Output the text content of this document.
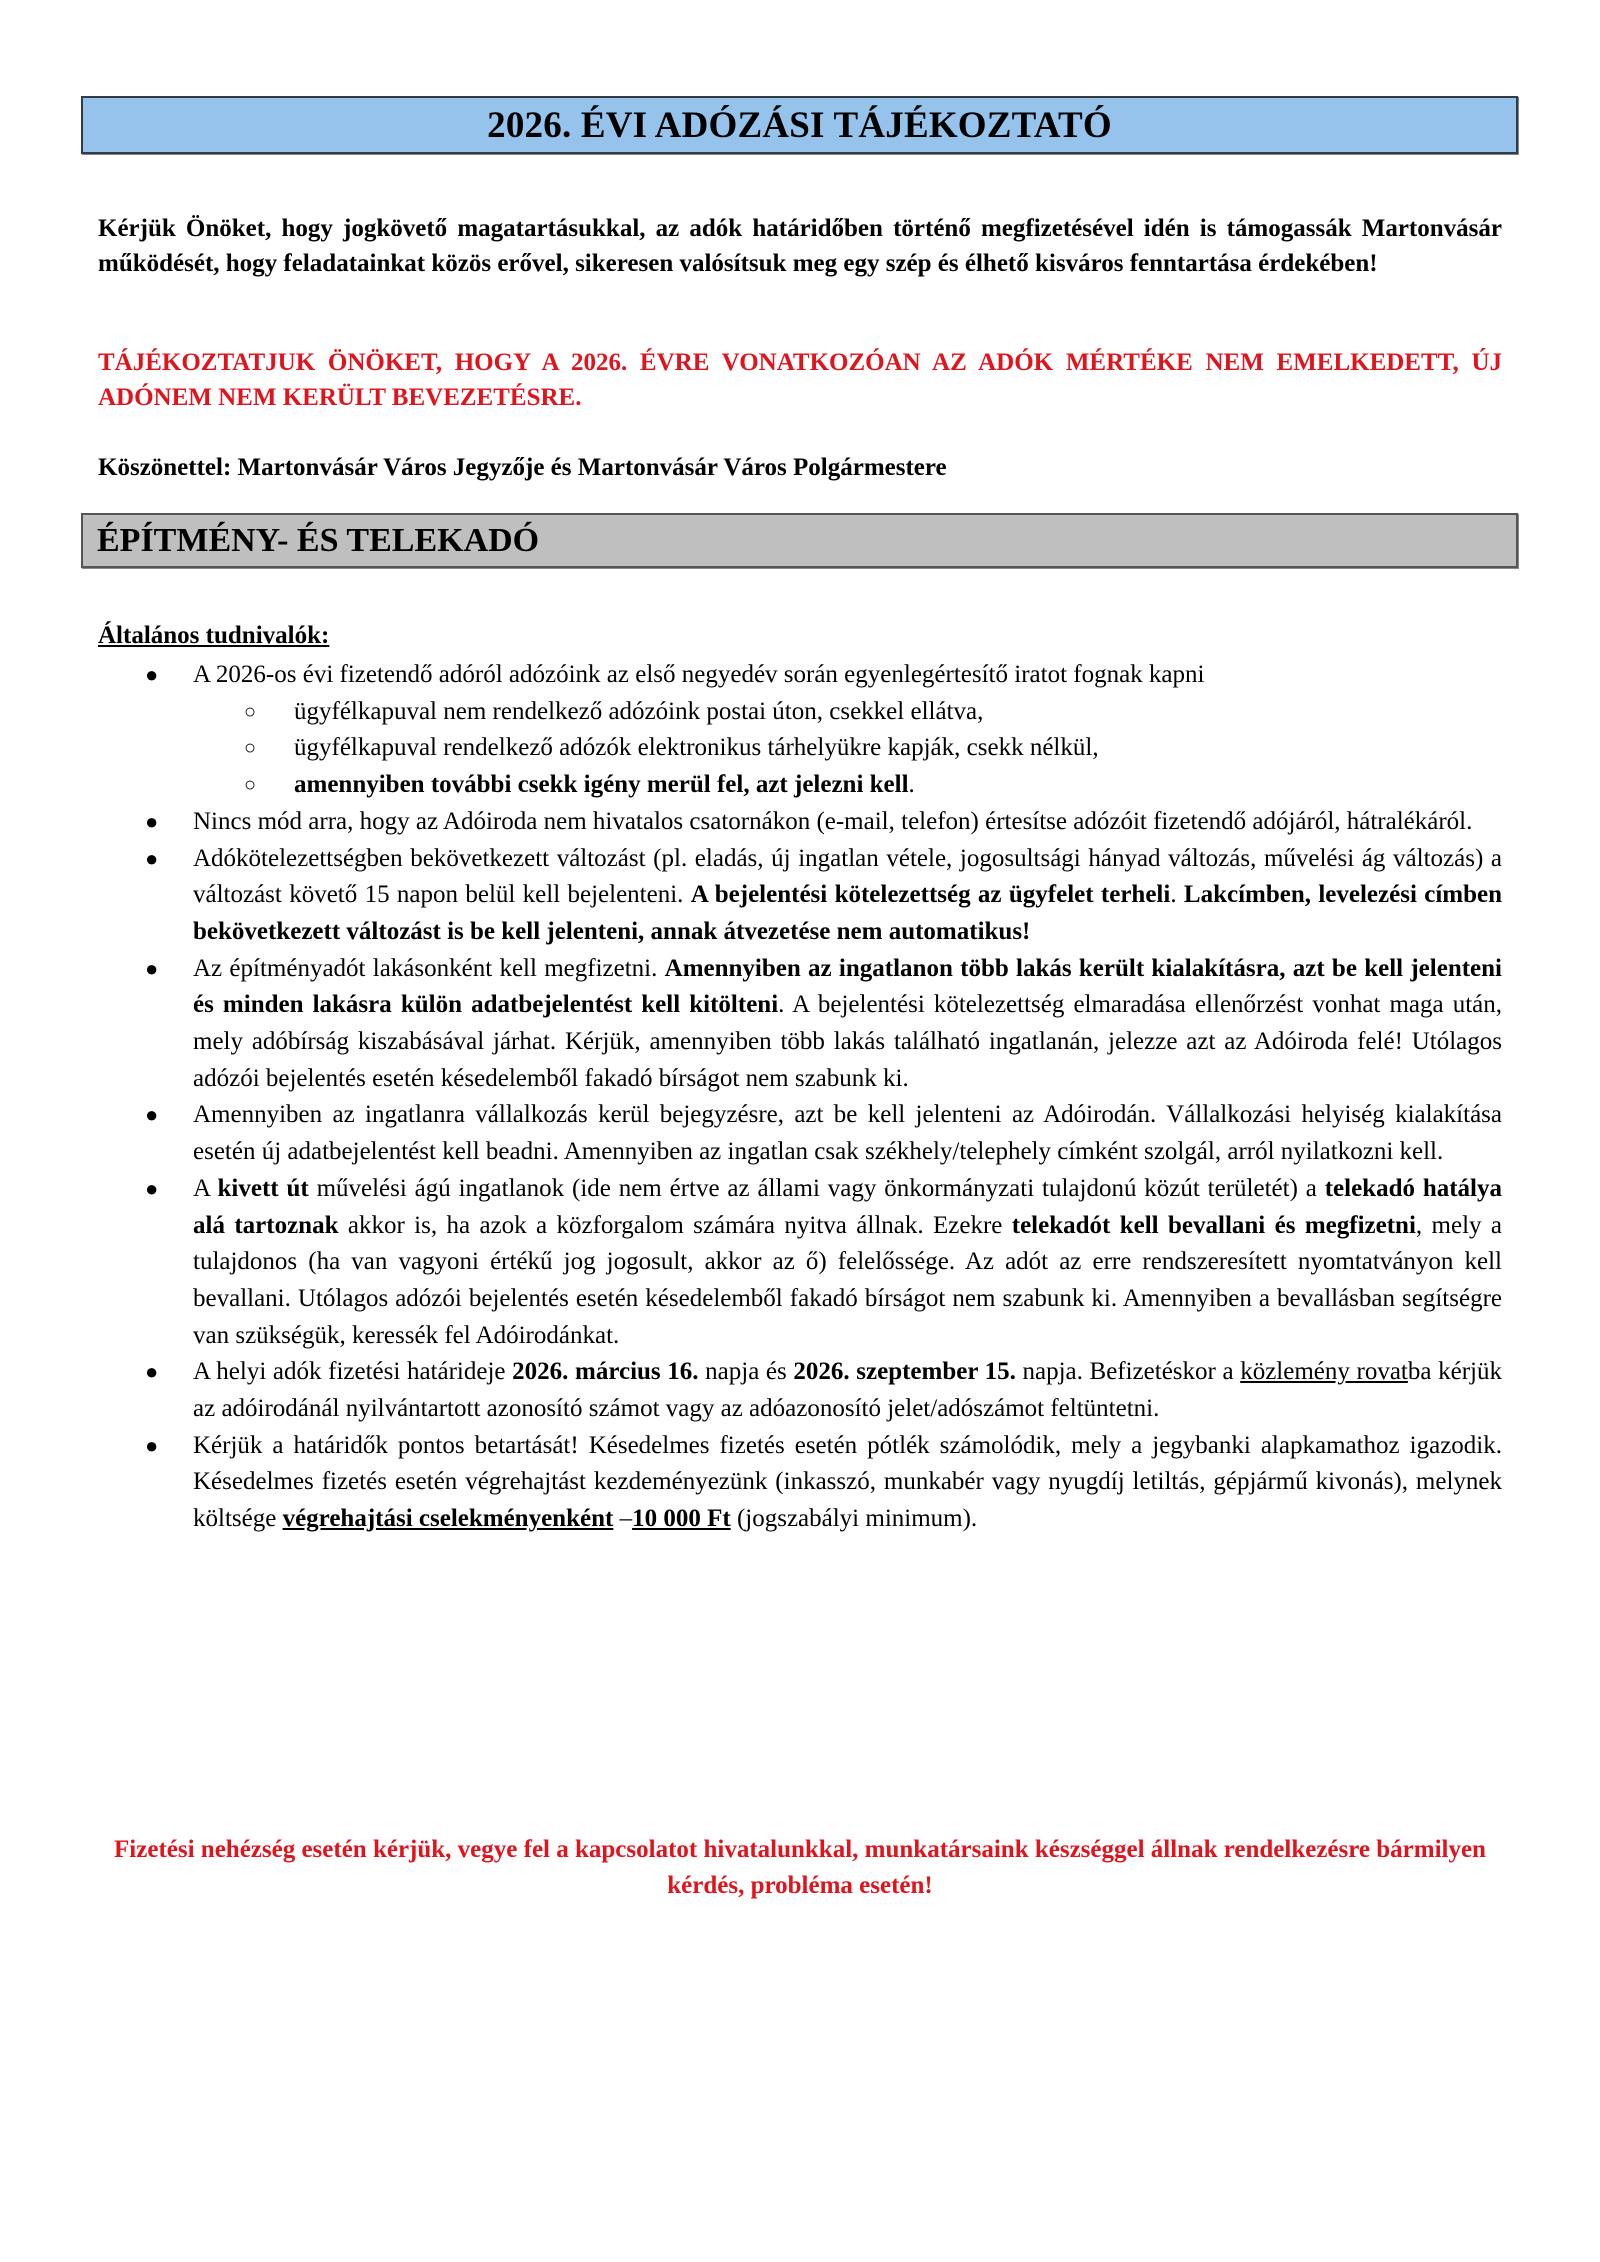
2026. ÉVI ADÓZÁSI TÁJÉKOZTATÓ

Kérjük Önöket, hogy jogkövető magatartásukkal, az adók határidőben történő megfizetésével idén is támogassák Martonvásár működését, hogy feladatainkat közös erővel, sikeresen valósítsuk meg egy szép és élhető kisváros fenntartása érdekében!

TÁJÉKOZTATJUK ÖNÖKET, HOGY A 2026. ÉVRE VONATKOZÓAN AZ ADÓK MÉRTÉKE NEM EMELKEDETT, ÚJ ADÓNEM NEM KERÜLT BEVEZETÉSRE.

Köszönettel: Martonvásár Város Jegyzője és Martonvásár Város Polgármestere

ÉPÍTMÉNY- ÉS TELEKADÓ

Általános tudnivalók:

● A 2026-os évi fizetendő adóról adózóink az első negyedév során egyenlegértesítő iratot fognak kapni
○ ügyfélkapuval nem rendelkező adózóink postai úton, csekkel ellátva,
○ ügyfélkapuval rendelkező adózók elektronikus tárhelyükre kapják, csekk nélkül,
○ amennyiben további csekk igény merül fel, azt jelezni kell.
● Nincs mód arra, hogy az Adóiroda nem hivatalos csatornákon (e-mail, telefon) értesítse adózóit fizetendő adójáról, hátralékáról.
● Adókötelezettségben bekövetkezett változást (pl. eladás, új ingatlan vétele, jogosultsági hányad változás, művelési ág változás) a változást követő 15 napon belül kell bejelenteni. A bejelentési kötelezettség az ügyfelet terheli. Lakcímben, levelezési címben bekövetkezett változást is be kell jelenteni, annak átvezetése nem automatikus!
● Az építményadót lakásonként kell megfizetni. Amennyiben az ingatlanon több lakás került kialakításra, azt be kell jelenteni és minden lakásra külön adatbejelentést kell kitölteni. A bejelentési kötelezettség elmaradása ellenőrzést vonhat maga után, mely adóbírság kiszabásával járhat. Kérjük, amennyiben több lakás található ingatlanán, jelezze azt az Adóiroda felé! Utólagos adózói bejelentés esetén késedelemből fakadó bírságot nem szabunk ki.
● Amennyiben az ingatlanra vállalkozás kerül bejegyzésre, azt be kell jelenteni az Adóirodán. Vállalkozási helyiség kialakítása esetén új adatbejelentést kell beadni. Amennyiben az ingatlan csak székhely/telephely címként szolgál, arról nyilatkozni kell.
● A kivett út művelési ágú ingatlanok (ide nem értve az állami vagy önkormányzati tulajdonú közút területét) a telekadó hatálya alá tartoznak akkor is, ha azok a közforgalom számára nyitva állnak. Ezekre telekadót kell bevallani és megfizetni, mely a tulajdonos (ha van vagyoni értékű jog jogosult, akkor az ő) felelőssége. Az adót az erre rendszeresített nyomtatványon kell bevallani. Utólagos adózói bejelentés esetén késedelemből fakadó bírságot nem szabunk ki. Amennyiben a bevallásban segítségre van szükségük, keressék fel Adóirodánkat.
● A helyi adók fizetési határideje 2026. március 16. napja és 2026. szeptember 15. napja. Befizetéskor a közlemény rovatba kérjük az adóirodánál nyilvántartott azonosító számot vagy az adóazonosító jelet/adószámot feltüntetni.
● Kérjük a határidők pontos betartását! Késedelmes fizetés esetén pótlék számolódik, mely a jegybanki alapkamathoz igazodik. Késedelmes fizetés esetén végrehajtást kezdeményezünk (inkasszó, munkabér vagy nyugdíj letiltás, gépjármű kivonás), melynek költsége végrehajtási cselekményenként –10 000 Ft (jogszabályi minimum).

Fizetési nehézség esetén kérjük, vegye fel a kapcsolatot hivatalunkkal, munkatársaink készséggel állnak rendelkezésre bármilyen kérdés, probléma esetén!
